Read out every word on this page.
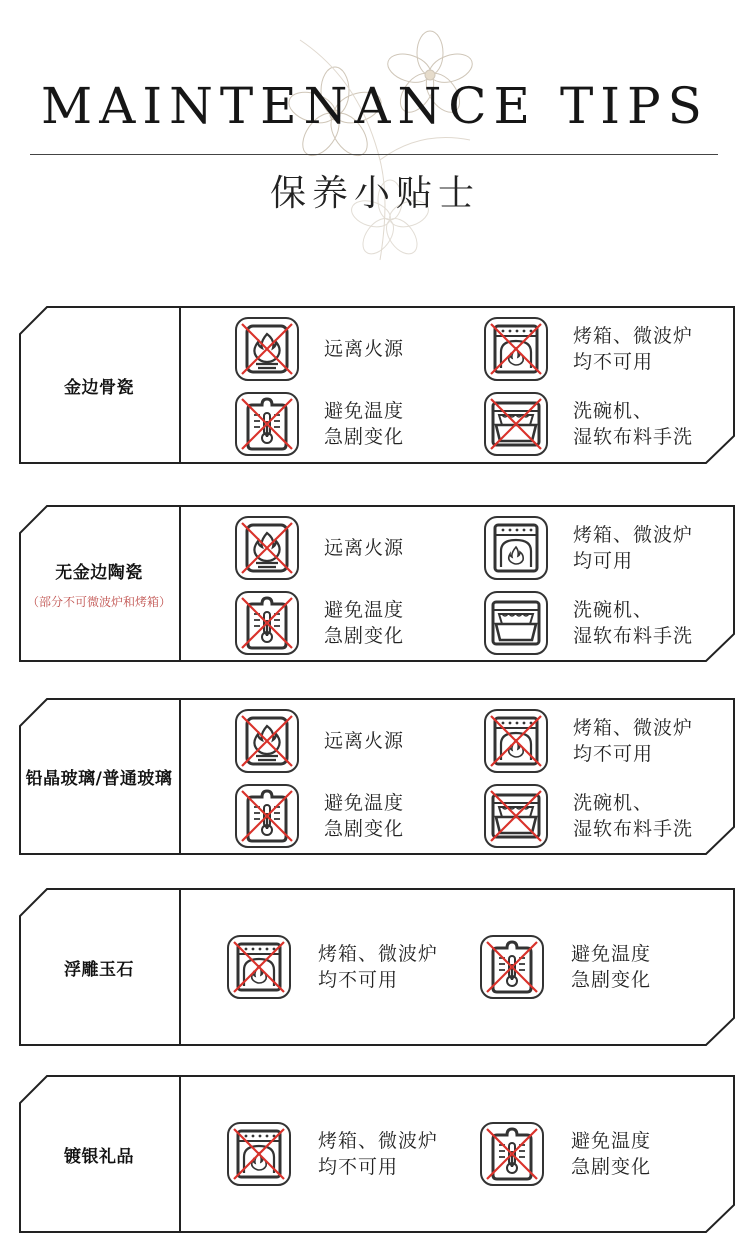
MAINTENANCE TIPS
保养小贴士
金边骨瓷
远离火源
烤箱、微波炉
均不可用
避免温度
急剧变化
洗碗机、
湿软布料手洗
无金边陶瓷
（部分不可微波炉和烤箱）
远离火源
烤箱、微波炉
均可用
避免温度
急剧变化
洗碗机、
湿软布料手洗
铅晶玻璃/普通玻璃
远离火源
烤箱、微波炉
均不可用
避免温度
急剧变化
洗碗机、
湿软布料手洗
浮雕玉石
烤箱、微波炉
均不可用
避免温度
急剧变化
镀银礼品
烤箱、微波炉
均不可用
避免温度
急剧变化
